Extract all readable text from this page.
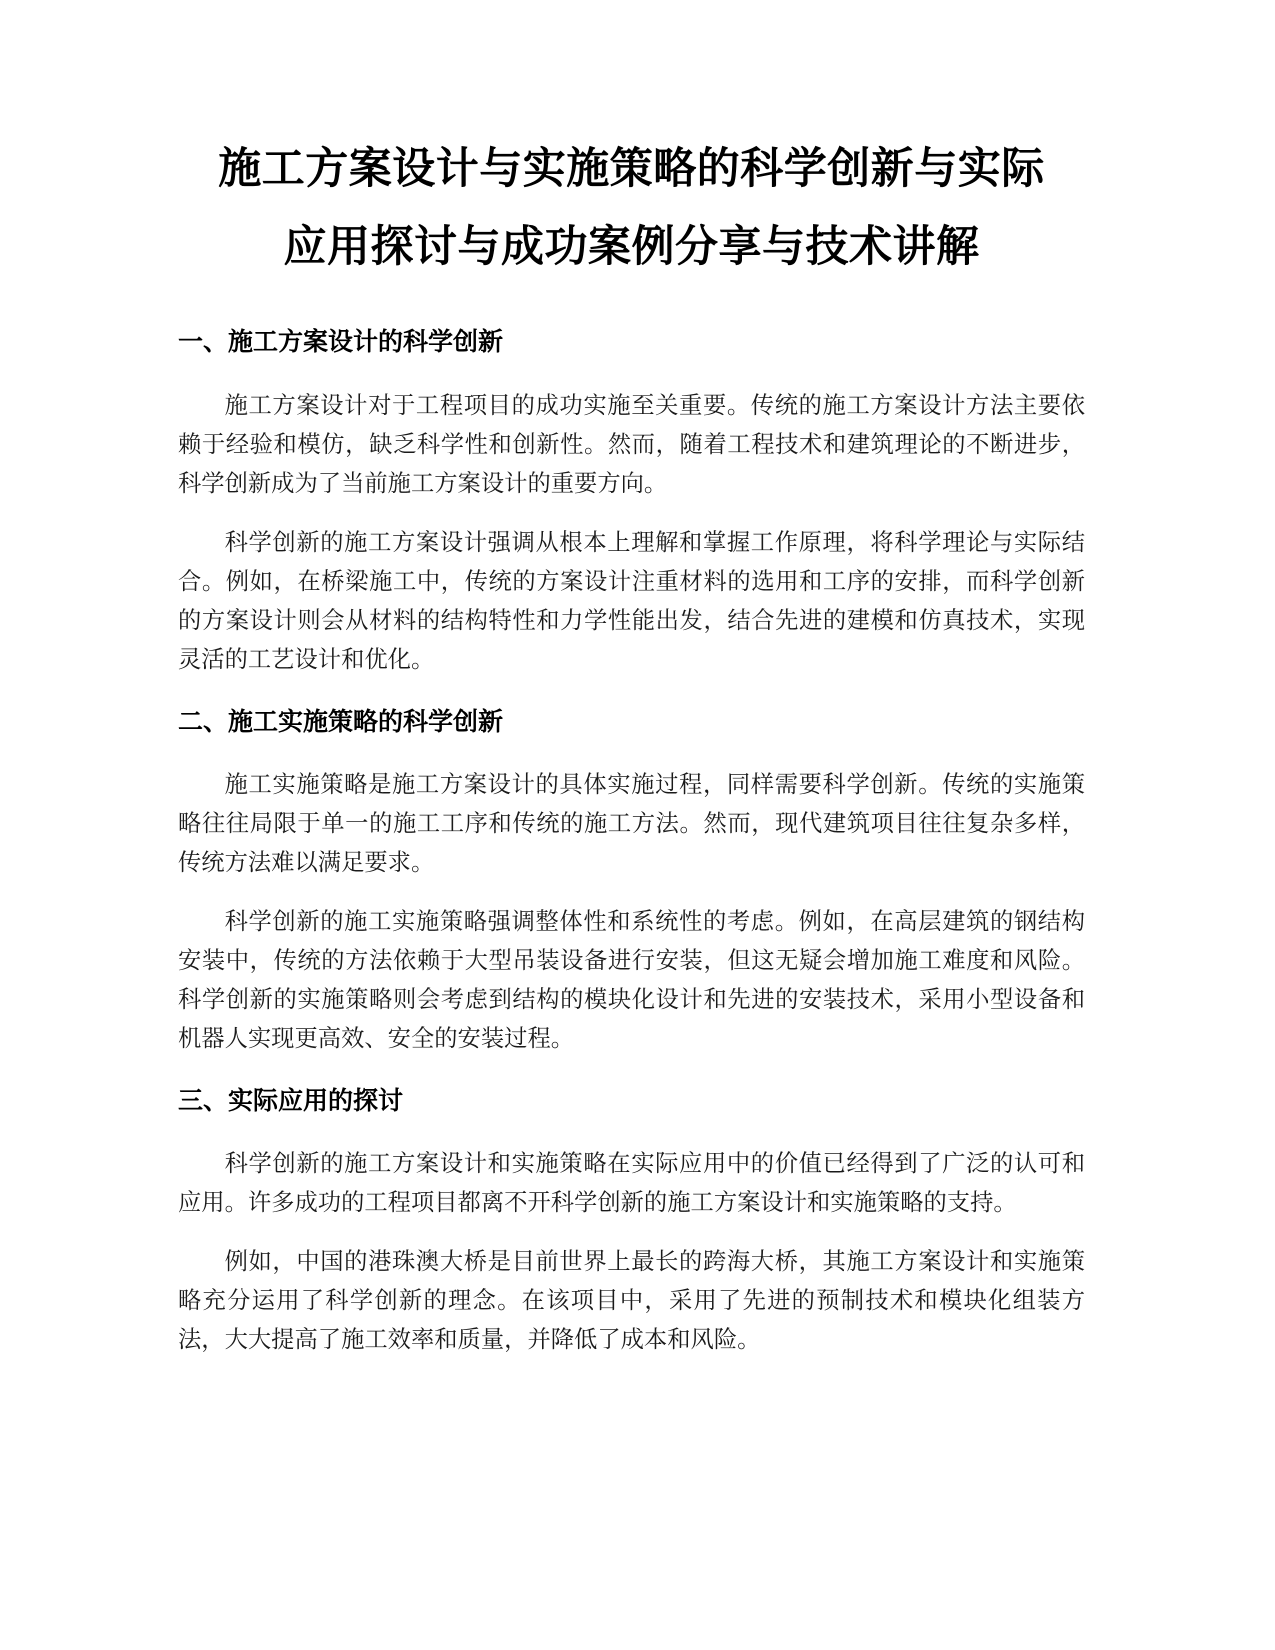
施工方案设计与实施策略的科学创新与实际
应用探讨与成功案例分享与技术讲解
一、施工方案设计的科学创新

施工方案设计对于工程项目的成功实施至关重要。传统的施工方案设计方法主要依赖于经验和模仿，缺乏科学性和创新性。然而，随着工程技术和建筑理论的不断进步，科学创新成为了当前施工方案设计的重要方向。

科学创新的施工方案设计强调从根本上理解和掌握工作原理，将科学理论与实际结合。例如，在桥梁施工中，传统的方案设计注重材料的选用和工序的安排，而科学创新的方案设计则会从材料的结构特性和力学性能出发，结合先进的建模和仿真技术，实现灵活的工艺设计和优化。

二、施工实施策略的科学创新

施工实施策略是施工方案设计的具体实施过程，同样需要科学创新。传统的实施策略往往局限于单一的施工工序和传统的施工方法。然而，现代建筑项目往往复杂多样，传统方法难以满足要求。

科学创新的施工实施策略强调整体性和系统性的考虑。例如，在高层建筑的钢结构安装中，传统的方法依赖于大型吊装设备进行安装，但这无疑会增加施工难度和风险。科学创新的实施策略则会考虑到结构的模块化设计和先进的安装技术，采用小型设备和机器人实现更高效、安全的安装过程。

三、实际应用的探讨

科学创新的施工方案设计和实施策略在实际应用中的价值已经得到了广泛的认可和应用。许多成功的工程项目都离不开科学创新的施工方案设计和实施策略的支持。

例如，中国的港珠澳大桥是目前世界上最长的跨海大桥，其施工方案设计和实施策略充分运用了科学创新的理念。在该项目中，采用了先进的预制技术和模块化组装方法，大大提高了施工效率和质量，并降低了成本和风险。
